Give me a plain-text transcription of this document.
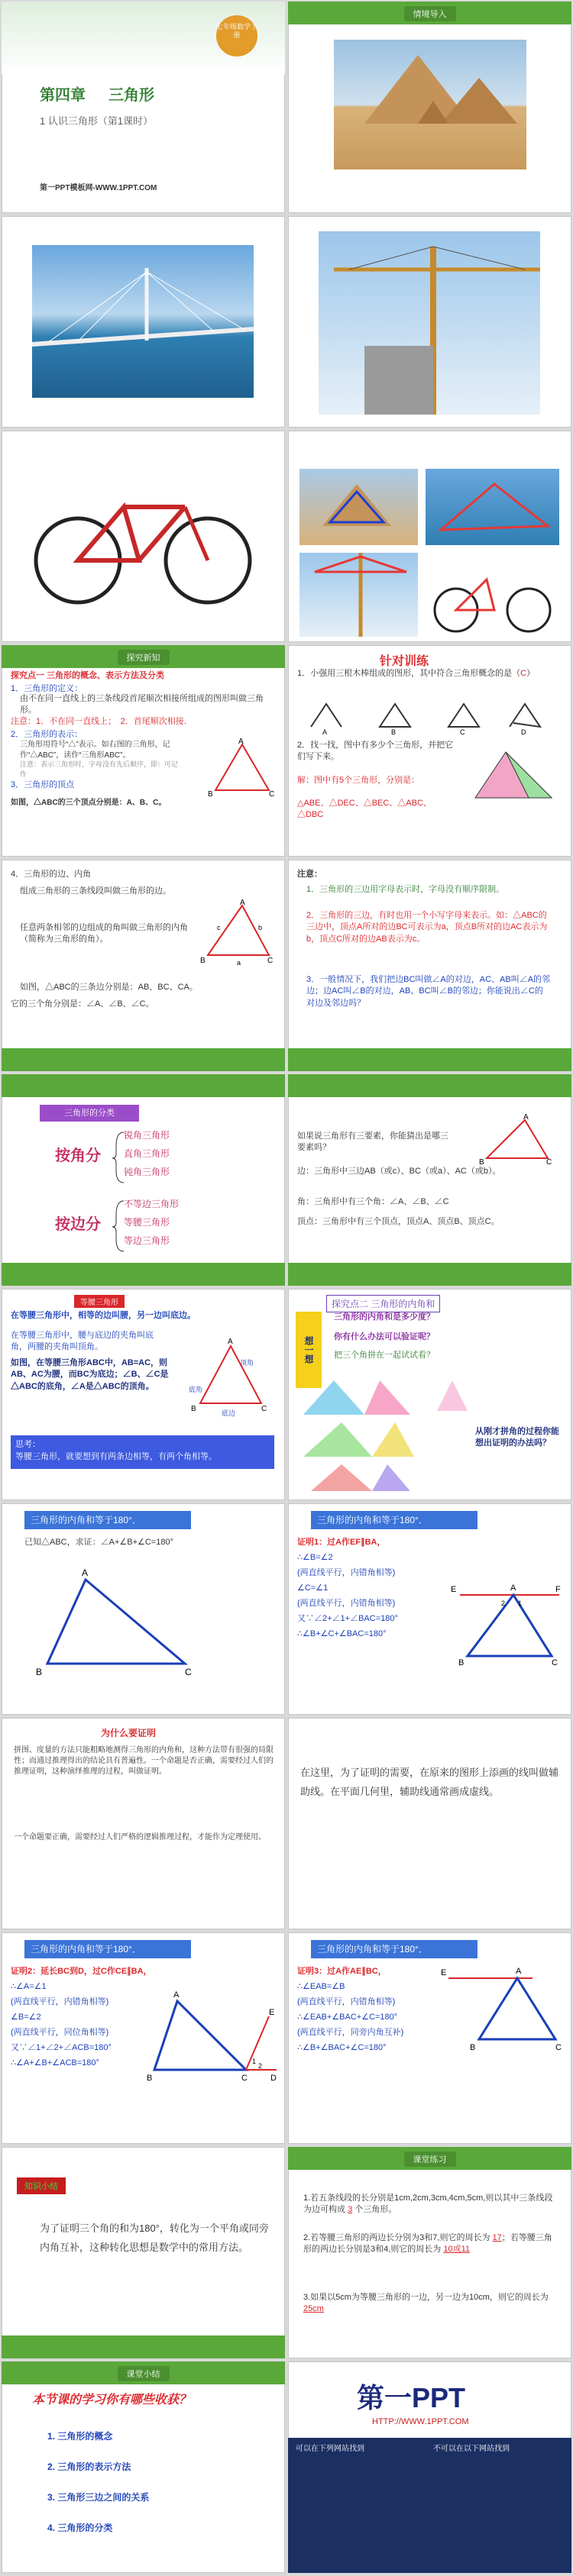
七年级数学下册
第四章 三角形
1 认识三角形（第1课时）
第一PPT模板网-WWW.1PPT.COM
情境导入
探究新知
探究点一 三角形的概念、表示方法及分类
1．三角形的定义：
由不在同一直线上的三条线段首尾顺次相接所组成的图形叫做三角形。
注意：1．不在同一直线上；　2．首尾顺次相接．
2．三角形的表示：
三角形用符号“△”表示。如右图的三角形，记作“△ABC”，读作“三角形ABC”。
注意：表示三角形时，字母没有先后顺序，即：可记作
3．三角形的顶点
如图，△ABC的三个顶点分别是：A、B、C。
A
B	C
针对训练
1．小强用三根木棒组成的图形，其中符合三角形概念的是（C）
A	B	C	D
2．找一找，图中有多少个三角形，并把它们写下来。
解：图中有5个三角形，分别是：
△ABE、△DEC、△BEC、△ABC、△DBC
4．三角形的边、内角
组成三角形的三条线段叫做三角形的边。
任意两条相邻的边组成的角叫做三角形的内角（简称为三角形的角）。
如图，△ABC的三条边分别是：AB、BC、CA。
它的三个角分别是：∠A、∠B、∠C。
A
B	C
a
b
c
注意：
1．三角形的三边用字母表示时，字母没有顺序限制。
2．三角形的三边，有时也用一个小写字母来表示。如：△ABC的三边中，顶点A所对的边BC可表示为a，顶点B所对的边AC表示为b，顶点C所对的边AB表示为c。
3．一般情况下，我们把边BC叫做∠A的对边，AC、AB叫∠A的邻边；边AC叫∠B的对边，AB、BC叫∠B的邻边；你能说出∠C的对边及邻边吗？
三角形的分类
按角分
锐角三角形
直角三角形
钝角三角形
按边分
不等边三角形
等腰三角形
等边三角形
如果说三角形有三要素，你能猜出是哪三要素吗？
边：三角形中三边AB（或c）、BC（或a）、AC（或b）。
角：三角形中有三个角：∠A、∠B、∠C
顶点：三角形中有三个顶点，顶点A、顶点B、顶点C。
A
B	C
等腰三角形
在等腰三角形中，相等的边叫腰，另一边叫底边。
在等腰三角形中，腰与底边的夹角叫底角，两腰的夹角叫顶角。
如图，在等腰三角形ABC中，AB=AC，则AB、AC为腰，而BC为底边；∠B、∠C是△ABC的底角，∠A是△ABC的顶角。
思考：
等腰三角形，就要想到有两条边相等，有两个角相等。
A
B	C
底角
顶角
底边
探究点二 三角形的内角和
想一想
三角形的内角和是多少度？
你有什么办法可以验证呢？
把三个角拼在一起试试看？
从刚才拼角的过程你能想出证明的办法吗？
三角形的内角和等于180°．
已知△ABC，求证：∠A+∠B+∠C=180°
A
B	C
三角形的内角和等于180°．
证明1：过A作EF∥BA，
∴∠B=∠2
(两直线平行，内错角相等)
∠C=∠1
(两直线平行，内错角相等)
又∵∠2+∠1+∠BAC=180°
∴∠B+∠C+∠BAC=180°
E	A	F
B	C
1
2
为什么要证明
拼图、度量的方法只能粗略地测得三角形的内角和，这种方法带有很强的局限性；而通过推理得出的结论具有普遍性。一个命题是否正确，需要经过人们的推理证明，这种演绎推理的过程，叫做证明。
一个命题要正确，需要经过人们严格的逻辑推理过程，才能作为定理使用。
在这里，为了证明的需要，在原来的图形上添画的线叫做辅助线。在平面几何里，辅助线通常画成虚线。
三角形的内角和等于180°．
证明2：延长BC到D，过C作CE∥BA，
∴∠A=∠1
(两直线平行，内错角相等)
∠B=∠2
(两直线平行，同位角相等)
又∵∠1+∠2+∠ACB=180°
∴∠A+∠B+∠ACB=180°
A
B	C	D
E
1
2
三角形的内角和等于180°．
证明3：过A作AE∥BC，
∴∠EAB=∠B
(两直线平行，内错角相等)
∴∠EAB+∠BAC+∠C=180°
(两直线平行，同旁内角互补)
∴∠B+∠BAC+∠C=180°
E	A
B	C
知识小结
为了证明三个角的和为180°，转化为一个平角或同旁内角互补，这种转化思想是数学中的常用方法。
课堂练习
1.若五条线段的长分别是1cm,2cm,3cm,4cm,5cm,则以其中三条线段为边可构成 3 个三角形。
2.若等腰三角形的两边长分别为3和7,则它的周长为 17；若等腰三角形的两边长分别是3和4,则它的周长为 10或11
3.如果以5cm为等腰三角形的一边，另一边为10cm，则它的周长为 25cm
课堂小结
本节课的学习你有哪些收获？
1. 三角形的概念
2. 三角形的表示方法
3. 三角形三边之间的关系
4. 三角形的分类
第一PPT
HTTP://WWW.1PPT.COM
可以在下列网站找到	不可以在以下网站找到
